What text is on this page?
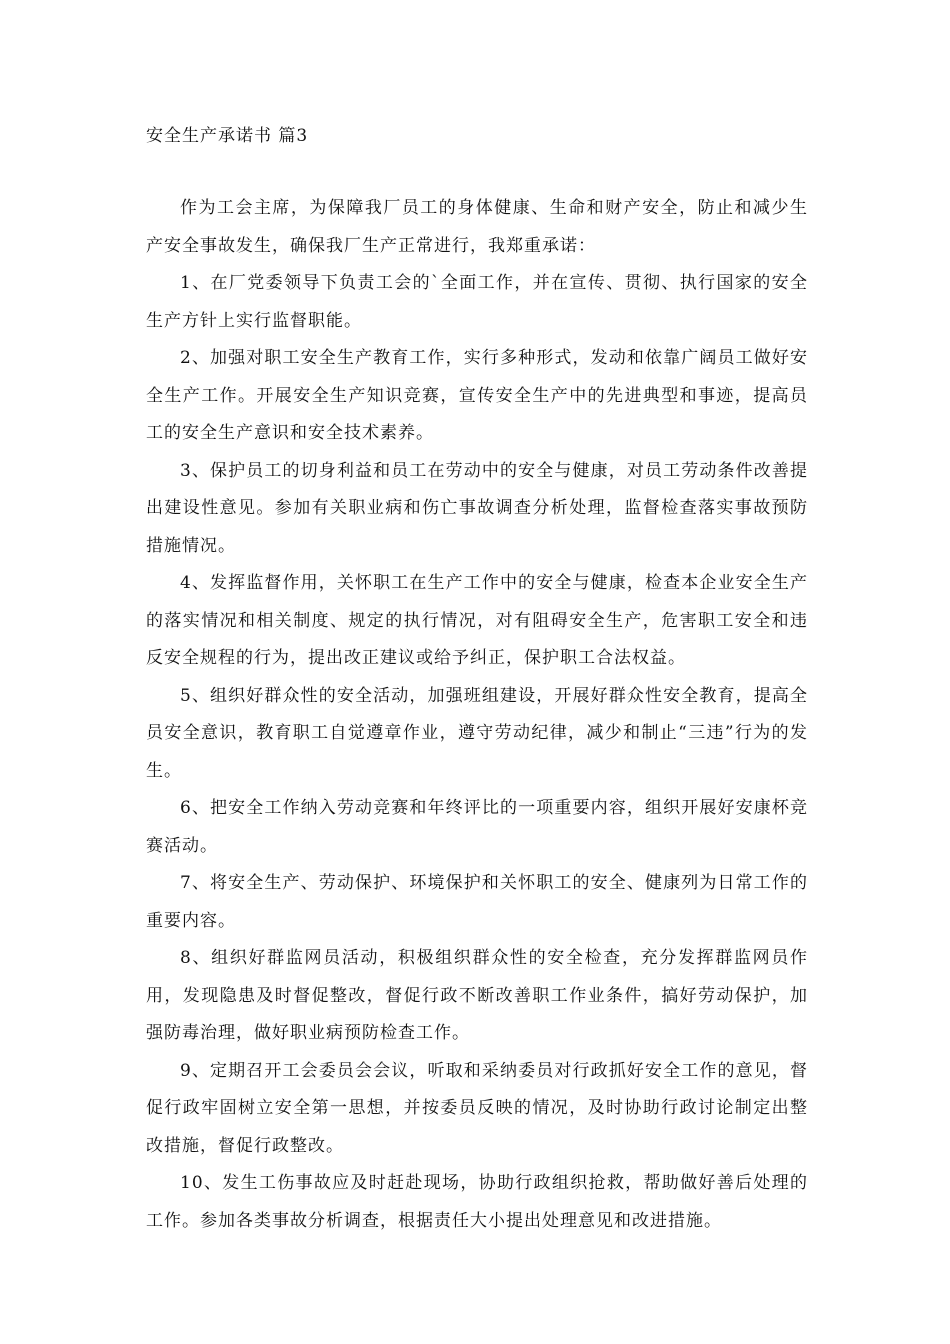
安全生产承诺书 篇3

作为工会主席，为保障我厂员工的身体健康、生命和财产安全，防止和减少生产安全事故发生，确保我厂生产正常进行，我郑重承诺：

1、在厂党委领导下负责工会的`全面工作，并在宣传、贯彻、执行国家的安全生产方针上实行监督职能。

2、加强对职工安全生产教育工作，实行多种形式，发动和依靠广阔员工做好安全生产工作。开展安全生产知识竞赛，宣传安全生产中的先进典型和事迹，提高员工的安全生产意识和安全技术素养。

3、保护员工的切身利益和员工在劳动中的安全与健康，对员工劳动条件改善提出建设性意见。参加有关职业病和伤亡事故调查分析处理，监督检查落实事故预防措施情况。

4、发挥监督作用，关怀职工在生产工作中的安全与健康，检查本企业安全生产的落实情况和相关制度、规定的执行情况，对有阻碍安全生产，危害职工安全和违反安全规程的行为，提出改正建议或给予纠正，保护职工合法权益。

5、组织好群众性的安全活动，加强班组建设，开展好群众性安全教育，提高全员安全意识，教育职工自觉遵章作业，遵守劳动纪律，减少和制止“三违”行为的发生。

6、把安全工作纳入劳动竞赛和年终评比的一项重要内容，组织开展好安康杯竞赛活动。

7、将安全生产、劳动保护、环境保护和关怀职工的安全、健康列为日常工作的重要内容。

8、组织好群监网员活动，积极组织群众性的安全检查，充分发挥群监网员作用，发现隐患及时督促整改，督促行政不断改善职工作业条件，搞好劳动保护，加强防毒治理，做好职业病预防检查工作。

9、定期召开工会委员会会议，听取和采纳委员对行政抓好安全工作的意见，督促行政牢固树立安全第一思想，并按委员反映的情况，及时协助行政讨论制定出整改措施，督促行政整改。

10、发生工伤事故应及时赶赴现场，协助行政组织抢救，帮助做好善后处理的工作。参加各类事故分析调查，根据责任大小提出处理意见和改进措施。
